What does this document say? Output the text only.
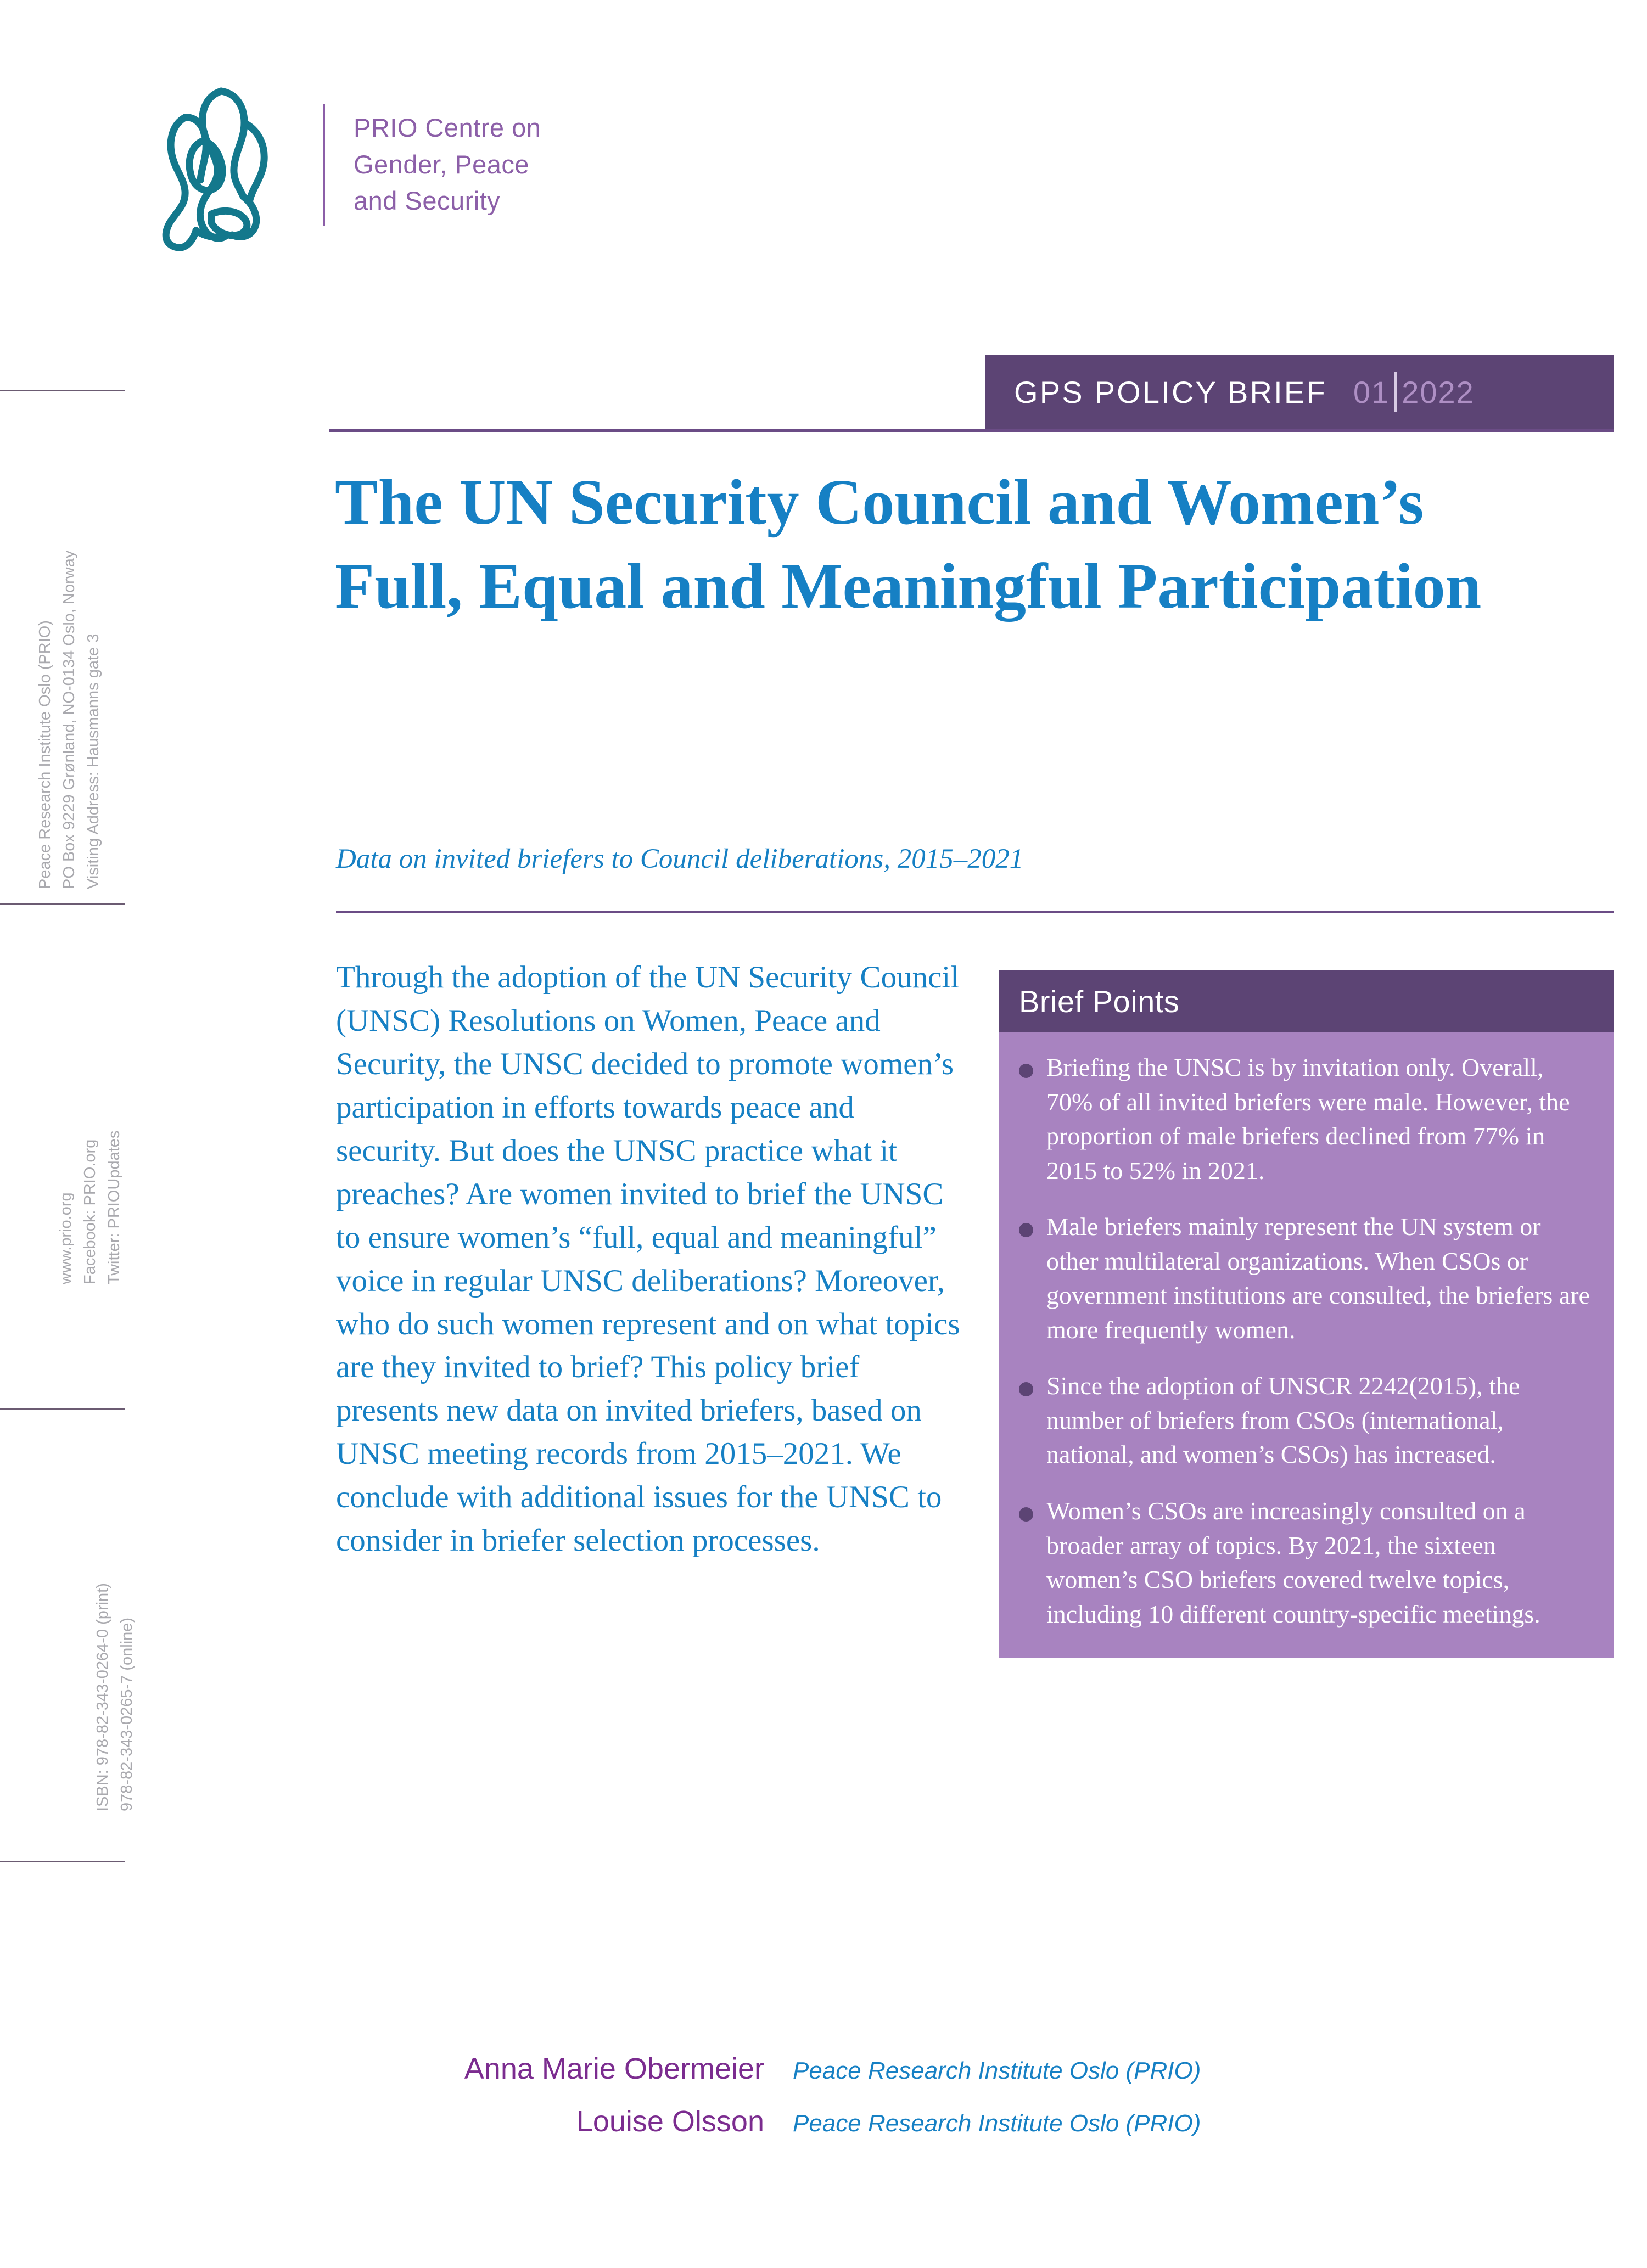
PRIO Centre on
Gender, Peace
and Security
Peace Research Institute Oslo (PRIO) PO Box 9229 Grønland, NO-0134 Oslo, Norway Visiting Address: Hausmanns gate 3
www.prio.org Facebook: PRIO.org Twitter: PRIOUpdates
ISBN: 978-82-343-0264-0 (print) 978-82-343-0265-7 (online)
GPS POLICY BRIEF 01 2022
The UN Security Council and Women’s Full, Equal and Meaningful Participation
Data on invited briefers to Council deliberations, 2015–2021

Through the adoption of the UN Security Council (UNSC) Resolutions on Women, Peace and Security, the UNSC decided to promote women’s participation in efforts towards peace and security. But does the UNSC practice what it preaches? Are women invited to brief the UNSC to ensure women’s “full, equal and meaningful” voice in regular UNSC deliberations? Moreover, who do such women represent and on what topics are they invited to brief? This policy brief presents new data on invited briefers, based on UNSC meeting records from 2015–2021. We conclude with additional issues for the UNSC to consider in briefer selection processes.

Brief Points
Briefing the UNSC is by invitation only. Overall, 70% of all invited briefers were male. However, the proportion of male briefers declined from 77% in 2015 to 52% in 2021.
Male briefers mainly represent the UN system or other multilateral organizations. When CSOs or government institutions are consulted, the briefers are more frequently women.
Since the adoption of UNSCR 2242(2015), the number of briefers from CSOs (international, national, and women’s CSOs) has increased.
Women’s CSOs are increasingly consulted on a broader array of topics. By 2021, the sixteen women’s CSO briefers covered twelve topics, including 10 different country-specific meetings.
Anna Marie Obermeier Peace Research Institute Oslo (PRIO)
Louise Olsson Peace Research Institute Oslo (PRIO)
